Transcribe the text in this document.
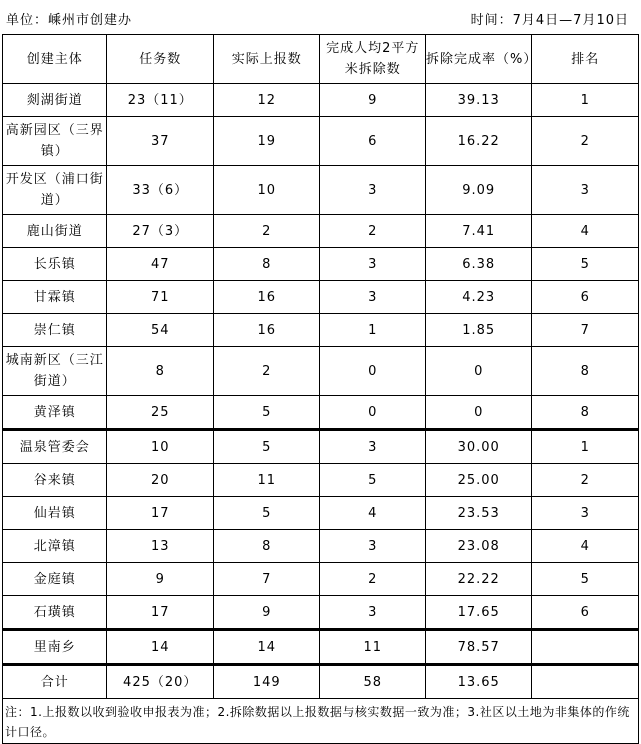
单位：嵊州市创建办	时间：7月4日—7月10日
创建主体	任务数	实际上报数	完成人均2平方米拆除数	拆除完成率（%）	排名
剡湖街道	23（11）	12	9	39.13	1
高新园区（三界镇）	37	19	6	16.22	2
开发区（浦口街道）	33（6）	10	3	9.09	3
鹿山街道	27（3）	2	2	7.41	4
长乐镇	47	8	3	6.38	5
甘霖镇	71	16	3	4.23	6
崇仁镇	54	16	1	1.85	7
城南新区（三江街道）	8	2	0	0	8
黄泽镇	25	5	0	0	8
温泉管委会	10	5	3	30.00	1
谷来镇	20	11	5	25.00	2
仙岩镇	17	5	4	23.53	3
北漳镇	13	8	3	23.08	4
金庭镇	9	7	2	22.22	5
石璜镇	17	9	3	17.65	6
里南乡	14	14	11	78.57	
合计	425（20）	149	58	13.65	
注：1.上报数以收到验收申报表为准；2.拆除数据以上报数据与核实数据一致为准；3.社区以土地为非集体的作统计口径。					
